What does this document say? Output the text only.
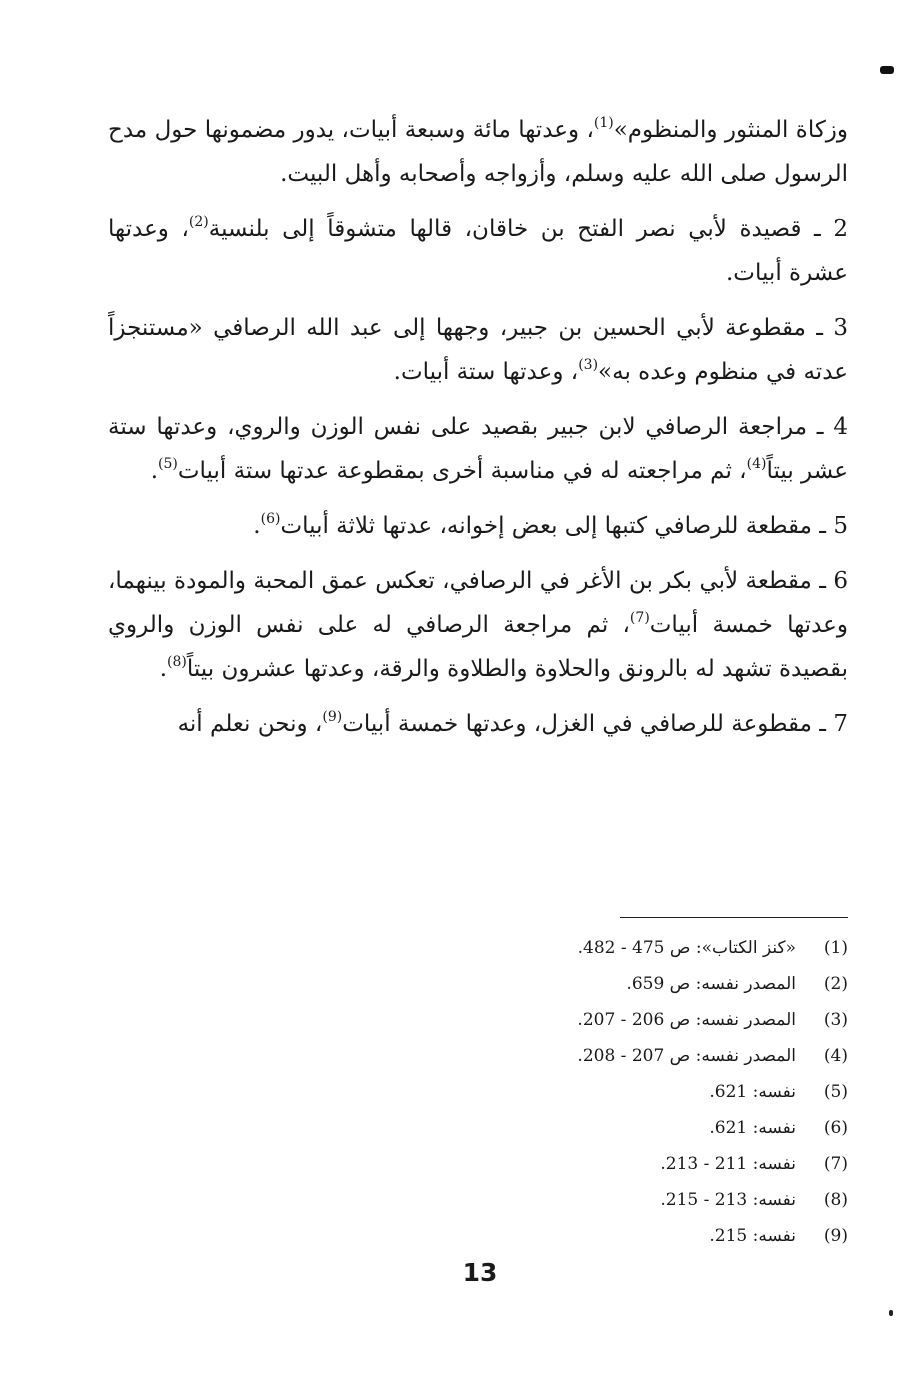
وزكاة المنثور والمنظوم»$^{(1)}$، وعدتها مائة وسبعة أبيات، يدور مضمونها حول مدح الرسول صلى الله عليه وسلم، وأزواجه وأصحابه وأهل البيت.

2 ـ قصيدة لأبي نصر الفتح بن خاقان، قالها متشوقاً إلى بلنسية$^{(2)}$، وعدتها عشرة أبيات.

3 ـ مقطوعة لأبي الحسين بن جبير، وجهها إلى عبد الله الرصافي «مستنجزاً عدته في منظوم وعده به»$^{(3)}$، وعدتها ستة أبيات.

4 ـ مراجعة الرصافي لابن جبير بقصيد على نفس الوزن والروي، وعدتها ستة عشر بيتاً$^{(4)}$، ثم مراجعته له في مناسبة أخرى بمقطوعة عدتها ستة أبيات$^{(5)}$.

5 ـ مقطعة للرصافي كتبها إلى بعض إخوانه، عدتها ثلاثة أبيات$^{(6)}$.

6 ـ مقطعة لأبي بكر بن الأغر في الرصافي، تعكس عمق المحبة والمودة بينهما، وعدتها خمسة أبيات$^{(7)}$، ثم مراجعة الرصافي له على نفس الوزن والروي بقصيدة تشهد له بالرونق والحلاوة والطلاوة والرقة، وعدتها عشرون بيتاً$^{(8)}$.

7 ـ مقطوعة للرصافي في الغزل، وعدتها خمسة أبيات$^{(9)}$، ونحن نعلم أنه

(1)
«كنز الكتاب»: ص 475 - 482.
(2)
المصدر نفسه: ص 659.
(3)
المصدر نفسه: ص 206 - 207.
(4)
المصدر نفسه: ص 207 - 208.
(5)
نفسه: 621.
(6)
نفسه: 621.
(7)
نفسه: 211 - 213.
(8)
نفسه: 213 - 215.
(9)
نفسه: 215.
13
